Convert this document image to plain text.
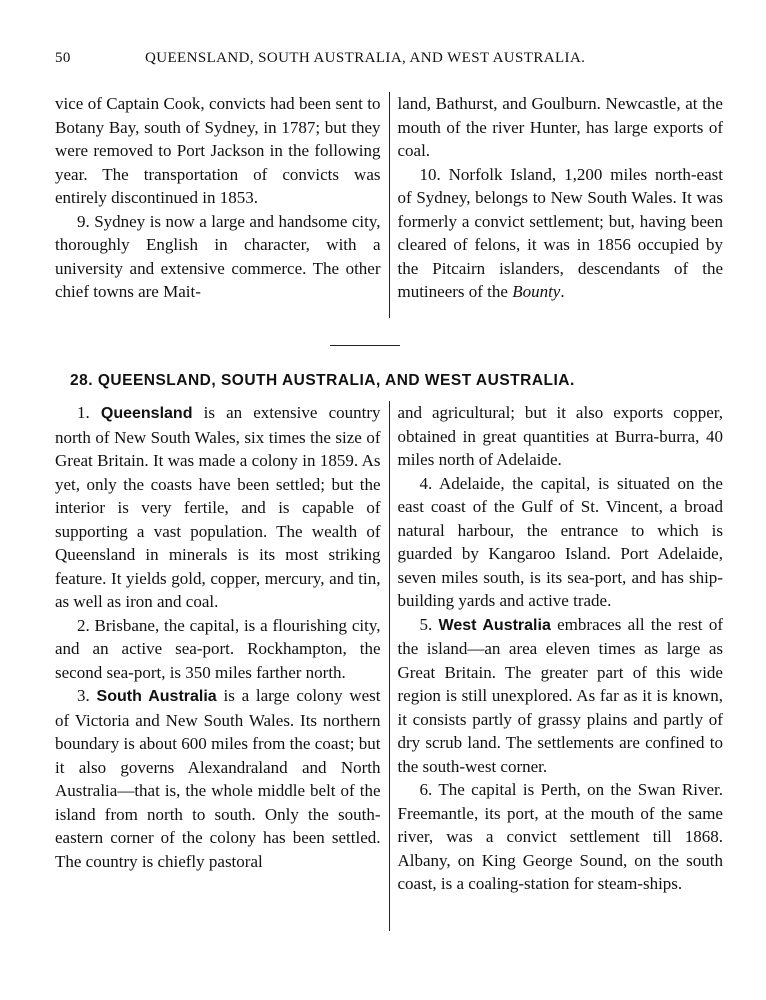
50	QUEENSLAND, SOUTH AUSTRALIA, AND WEST AUSTRALIA.

vice of Captain Cook, convicts had been sent to Botany Bay, south of Sydney, in 1787; but they were removed to Port Jackson in the following year. The transportation of convicts was entirely discontinued in 1853.

9. Sydney is now a large and handsome city, thoroughly English in character, with a university and extensive commerce. The other chief towns are Mait-

land, Bathurst, and Goulburn. Newcastle, at the mouth of the river Hunter, has large exports of coal.

10. Norfolk Island, 1,200 miles north-east of Sydney, belongs to New South Wales. It was formerly a convict settlement; but, having been cleared of felons, it was in 1856 occupied by the Pitcairn islanders, descendants of the mutineers of the Bounty.

28. QUEENSLAND, SOUTH AUSTRALIA, AND WEST AUSTRALIA.

1. Queensland is an extensive country north of New South Wales, six times the size of Great Britain. It was made a colony in 1859. As yet, only the coasts have been settled; but the interior is very fertile, and is capable of supporting a vast population. The wealth of Queensland in minerals is its most striking feature. It yields gold, copper, mercury, and tin, as well as iron and coal.

2. Brisbane, the capital, is a flourishing city, and an active sea-port. Rockhampton, the second sea-port, is 350 miles farther north.

3. South Australia is a large colony west of Victoria and New South Wales. Its northern boundary is about 600 miles from the coast; but it also governs Alexandraland and North Australia—that is, the whole middle belt of the island from north to south. Only the south-eastern corner of the colony has been settled. The country is chiefly pastoral

and agricultural; but it also exports copper, obtained in great quantities at Burra-burra, 40 miles north of Adelaide.

4. Adelaide, the capital, is situated on the east coast of the Gulf of St. Vincent, a broad natural harbour, the entrance to which is guarded by Kangaroo Island. Port Adelaide, seven miles south, is its sea-port, and has ship-building yards and active trade.

5. West Australia embraces all the rest of the island—an area eleven times as large as Great Britain. The greater part of this wide region is still unexplored. As far as it is known, it consists partly of grassy plains and partly of dry scrub land. The settlements are confined to the south-west corner.

6. The capital is Perth, on the Swan River. Freemantle, its port, at the mouth of the same river, was a convict settlement till 1868. Albany, on King George Sound, on the south coast, is a coaling-station for steam-ships.
